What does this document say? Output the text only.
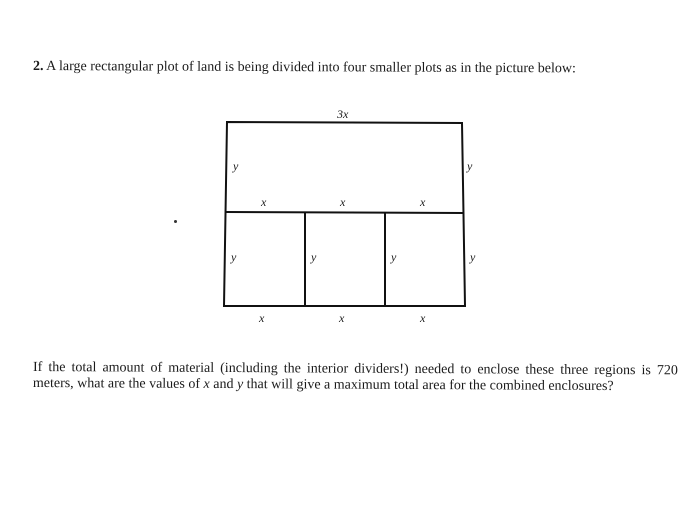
2. A large rectangular plot of land is being divided into four smaller plots as in the picture below:
3x
y	y
x	x	x
y	y	y	y
x	x	x
If the total amount of material (including the interior dividers!) needed to enclose these three regions is 720 meters, what are the values of x and y that will give a maximum total area for the combined enclosures?
